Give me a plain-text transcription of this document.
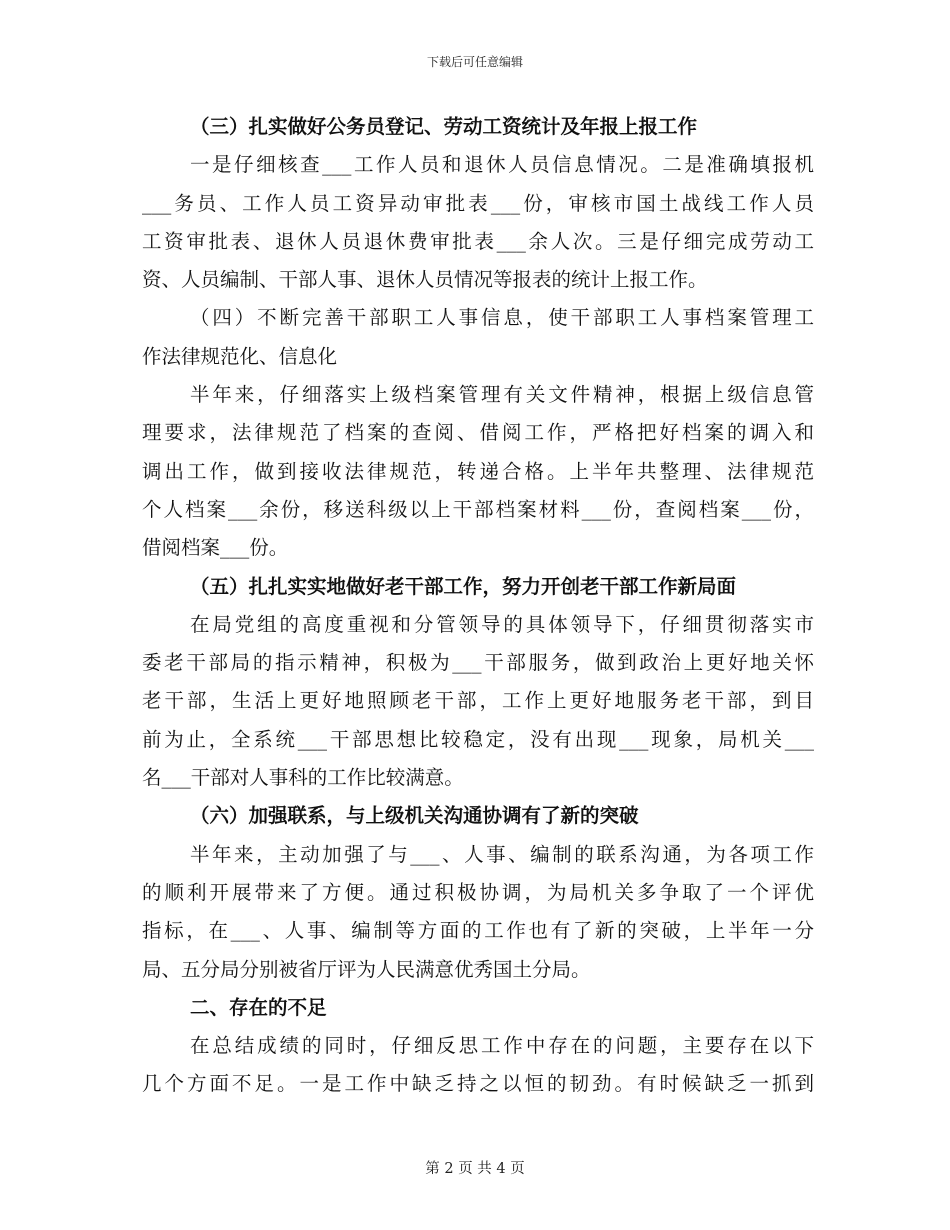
下载后可任意编辑
（三）扎实做好公务员登记、劳动工资统计及年报上报工作
一是仔细核查___工作人员和退休人员信息情况。二是准确填报机
___务员、工作人员工资异动审批表___份，审核市国土战线工作人员
工资审批表、退休人员退休费审批表___余人次。三是仔细完成劳动工
资、人员编制、干部人事、退休人员情况等报表的统计上报工作。
（四）不断完善干部职工人事信息，使干部职工人事档案管理工
作法律规范化、信息化
半年来，仔细落实上级档案管理有关文件精神，根据上级信息管
理要求，法律规范了档案的查阅、借阅工作，严格把好档案的调入和
调出工作，做到接收法律规范，转递合格。上半年共整理、法律规范
个人档案___余份，移送科级以上干部档案材料___份，查阅档案___份，
借阅档案___份。
（五）扎扎实实地做好老干部工作，努力开创老干部工作新局面
在局党组的高度重视和分管领导的具体领导下，仔细贯彻落实市
委老干部局的指示精神，积极为___干部服务，做到政治上更好地关怀
老干部，生活上更好地照顾老干部，工作上更好地服务老干部，到目
前为止，全系统___干部思想比较稳定，没有出现___现象，局机关___
名___干部对人事科的工作比较满意。
（六）加强联系，与上级机关沟通协调有了新的突破
半年来，主动加强了与___、人事、编制的联系沟通，为各项工作
的顺利开展带来了方便。通过积极协调，为局机关多争取了一个评优
指标，在___、人事、编制等方面的工作也有了新的突破，上半年一分
局、五分局分别被省厅评为人民满意优秀国土分局。
二、存在的不足
在总结成绩的同时，仔细反思工作中存在的问题，主要存在以下
几个方面不足。一是工作中缺乏持之以恒的韧劲。有时候缺乏一抓到
第 2 页 共 4 页
